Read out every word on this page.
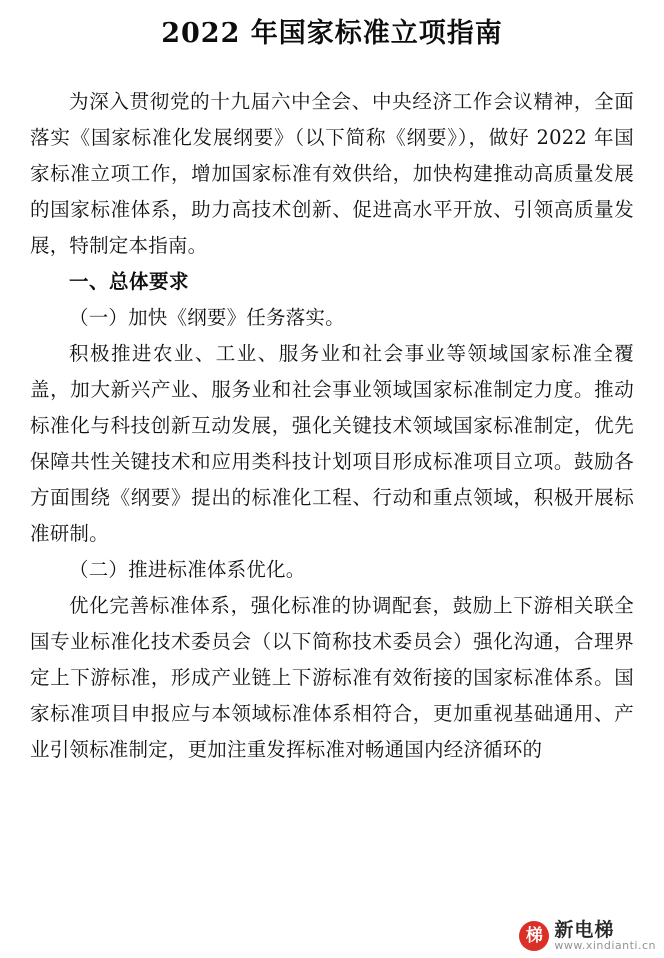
2022 年国家标准立项指南

为深入贯彻党的十九届六中全会、中央经济工作会议精神，全面落实《国家标准化发展纲要》（以下简称《纲要》），做好 2022 年国家标准立项工作，增加国家标准有效供给，加快构建推动高质量发展的国家标准体系，助力高技术创新、促进高水平开放、引领高质量发展，特制定本指南。

一、总体要求

（一）加快《纲要》任务落实。

积极推进农业、工业、服务业和社会事业等领域国家标准全覆盖，加大新兴产业、服务业和社会事业领域国家标准制定力度。推动标准化与科技创新互动发展，强化关键技术领域国家标准制定，优先保障共性关键技术和应用类科技计划项目形成标准项目立项。鼓励各方面围绕《纲要》提出的标准化工程、行动和重点领域，积极开展标准研制。

（二）推进标准体系优化。

优化完善标准体系，强化标准的协调配套，鼓励上下游相关联全国专业标准化技术委员会（以下简称技术委员会）强化沟通，合理界定上下游标准，形成产业链上下游标准有效衔接的国家标准体系。国家标准项目申报应与本领域标准体系相符合，更加重视基础通用、产业引领标准制定，更加注重发挥标准对畅通国内经济循环的

梯 新电梯
www.xindianti.cn
